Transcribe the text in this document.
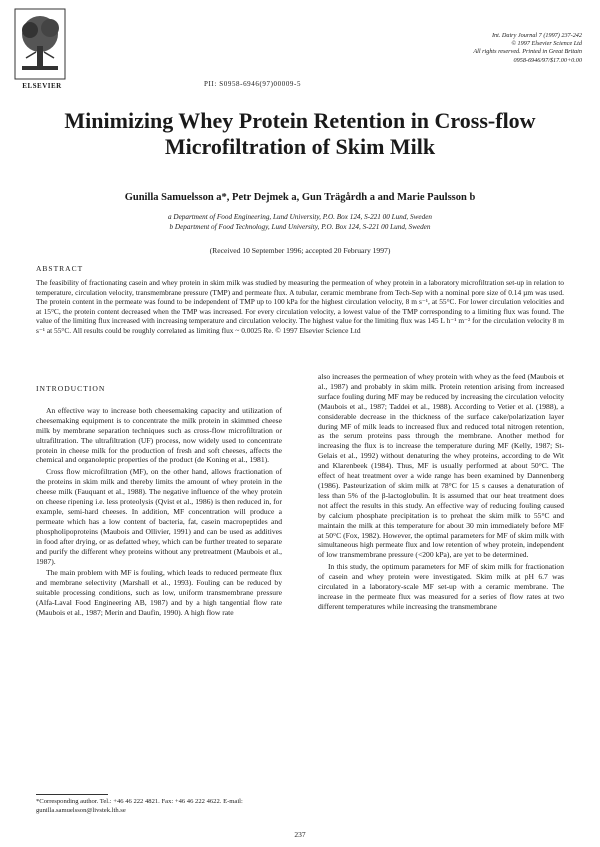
ELSEVIER	PII: S0958-6946(97)00009-5
Int. Dairy Journal 7 (1997) 237-242
© 1997 Elsevier Science Ltd
All rights reserved. Printed in Great Britain
0958-6946/97/$17.00+0.00
Minimizing Whey Protein Retention in Cross-flow
Microfiltration of Skim Milk
Gunilla Samuelsson a*, Petr Dejmek a, Gun Trägårdh a and Marie Paulsson b
a Department of Food Engineering, Lund University, P.O. Box 124, S-221 00 Lund, Sweden
b Department of Food Technology, Lund University, P.O. Box 124, S-221 00 Lund, Sweden
(Received 10 September 1996; accepted 20 February 1997)
ABSTRACT
The feasibility of fractionating casein and whey protein in skim milk was studied by measuring the permeation of whey protein in a laboratory microfiltration set-up in relation to temperature, circulation velocity, transmembrane pressure (TMP) and permeate flux. A tubular, ceramic membrane from Tech-Sep with a nominal pore size of 0.14 µm was used. The protein content in the permeate was found to be independent of TMP up to 100 kPa for the highest circulation velocity, 8 m s⁻¹, at 55°C. For lower circulation velocities and at 15°C, the protein content decreased when the TMP was increased. For every circulation velocity, a lowest value of the TMP corresponding to a limiting flux was found. The value of the limiting flux increased with increasing temperature and circulation velocity. The highest value for the limiting flux was 145 L h⁻¹ m⁻² for the circulation velocity 8 m s⁻¹ at 55°C. All results could be roughly correlated as limiting flux ~ 0.0025 Re. © 1997 Elsevier Science Ltd
INTRODUCTION

An effective way to increase both cheesemaking capacity and utilization of cheesemaking equipment is to concentrate the milk protein in skimmed cheese milk by membrane separation techniques such as cross-flow microfiltration or ultrafiltration. The ultrafiltration (UF) process, now widely used to concentrate protein in cheese milk for the production of fresh and soft cheeses, affects the chemical and organoleptic properties of the product (de Koning et al., 1981).

Cross flow microfiltration (MF), on the other hand, allows fractionation of the proteins in skim milk and thereby limits the amount of whey protein in the cheese milk (Fauquant et al., 1988). The negative influence of the whey protein on cheese ripening i.e. less proteolysis (Qvist et al., 1986) is then reduced in, for example, semi-hard cheeses. In addition, MF concentration will produce a permeate which has a low content of bacteria, fat, casein macropeptides and phospholipoproteins (Maubois and Ollivier, 1991) and can be used as additives in food after drying, or as defatted whey, which can be further treated to separate and purify the different whey proteins without any pretreatment (Maubois et al., 1987).

The main problem with MF is fouling, which leads to reduced permeate flux and membrane selectivity (Marshall et al., 1993). Fouling can be reduced by suitable processing conditions, such as low, uniform transmembrane pressure (Alfa-Laval Food Engineering AB, 1987) and by a high tangential flow rate (Maubois et al., 1987; Merin and Daufin, 1990). A high flow rate

also increases the permeation of whey protein with whey as the feed (Maubois et al., 1987) and probably in skim milk. Protein retention arising from increased surface fouling during MF may be reduced by increasing the circulation velocity (Maubois et al., 1987; Taddei et al., 1988). According to Vetier et al. (1988), a considerable decrease in the thickness of the surface cake/polarization layer during MF of milk leads to increased flux and reduced total nitrogen retention, as the serum proteins pass through the membrane. Another method for increasing the flux is to increase the temperature during MF (Kelly, 1987; St-Gelais et al., 1992) without denaturing the whey proteins, according to de Wit and Klarenbeek (1984). Thus, MF is usually performed at about 50°C. The effect of heat treatment over a wide range has been examined by Dannenberg (1986). Pasteurization of skim milk at 78°C for 15 s causes a denaturation of less than 5% of the β-lactoglobulin. It is assumed that our heat treatment does not affect the results in this study. An effective way of reducing fouling caused by calcium phosphate precipitation is to preheat the skim milk to 55°C and maintain the milk at this temperature for about 30 min immediately before MF at 50°C (Fox, 1982). However, the optimal parameters for MF of skim milk with simultaneous high permeate flux and low retention of whey protein, independent of low transmembrane pressure (<200 kPa), are yet to be determined.

In this study, the optimum parameters for MF of skim milk for fractionation of casein and whey protein were investigated. Skim milk at pH 6.7 was circulated in a laboratory-scale MF set-up with a ceramic membrane. The increase in the permeate flux was measured for a series of flow rates at two different temperatures while increasing the transmembrane

*Corresponding author. Tel.: +46 46 222 4821. Fax: +46 46 222 4622. E-mail: gunilla.samuelsson@livstek.lth.se
237
